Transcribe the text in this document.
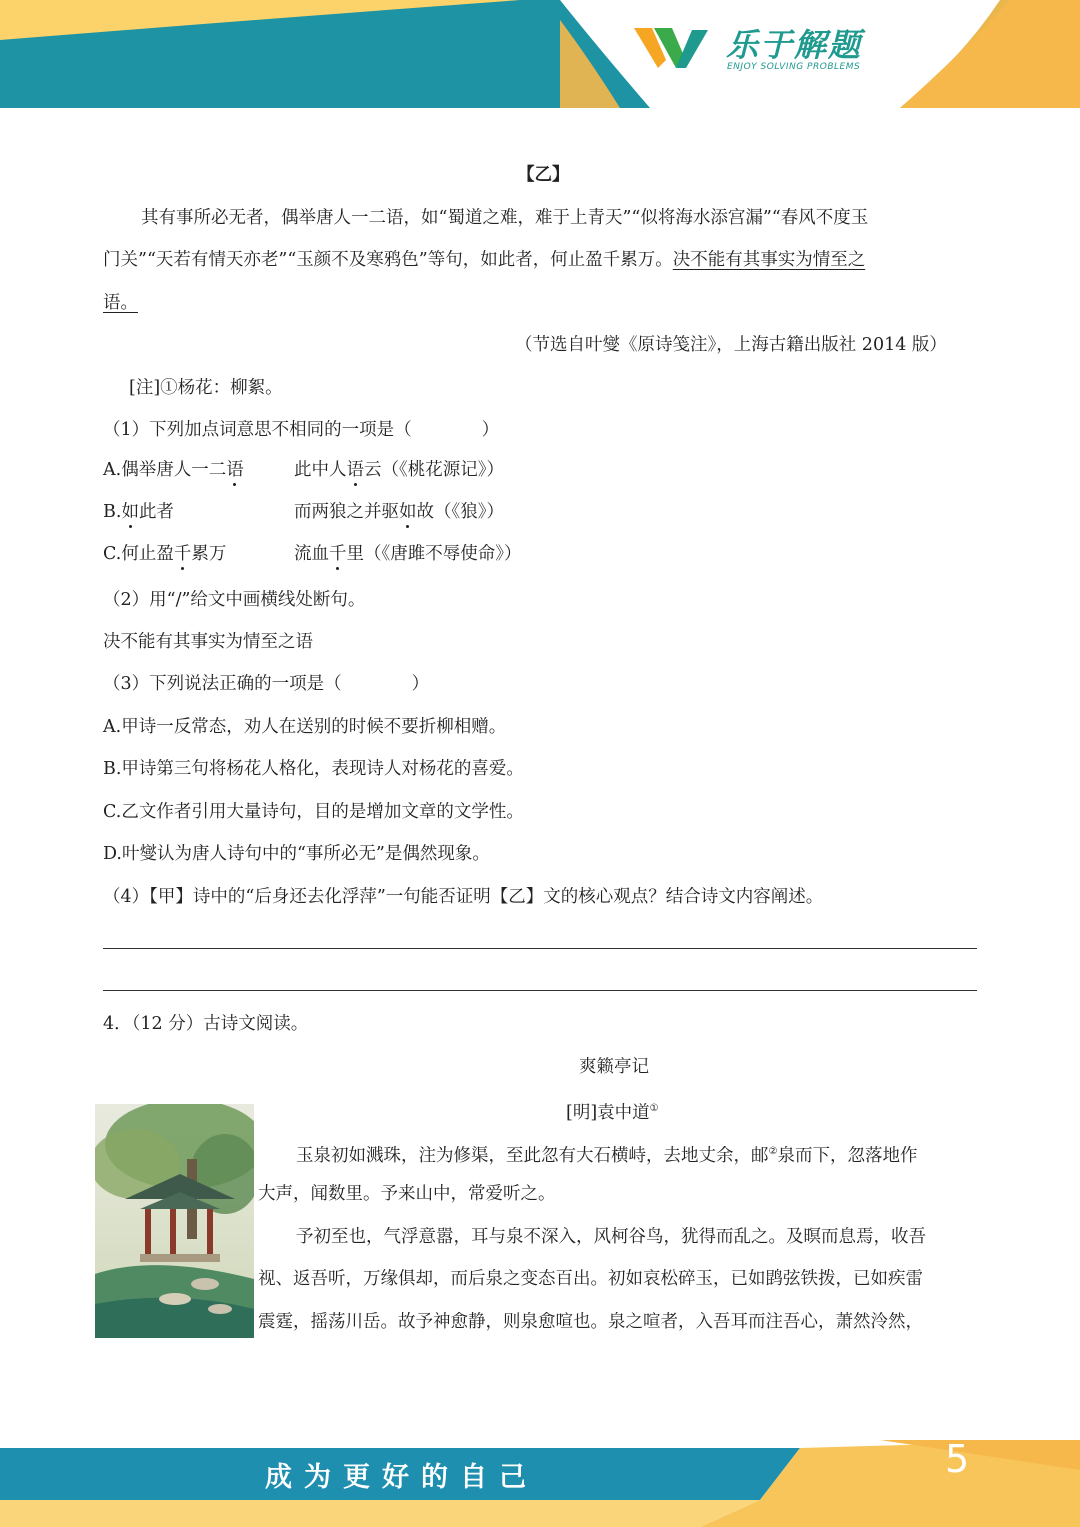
乐于解题
ENJOY SOLVING PROBLEMS
【乙】
其有事所必无者，偶举唐人一二语，如“蜀道之难，难于上青天”“似将海水添宫漏”“春风不度玉
门关”“天若有情天亦老”“玉颜不及寒鸦色”等句，如此者，何止盈千累万。决不能有其事实为情至之
语。
（节选自叶燮《原诗笺注》，上海古籍出版社 2014 版）
[注]①杨花：柳絮。
（1）下列加点词意思不相同的一项是（　　　　）
A.偶举唐人一二语	此中人语云（《桃花源记》）
B.如此者	而两狼之并驱如故（《狼》）
C.何止盈千累万	流血千里（《唐雎不辱使命》）
（2）用“/”给文中画横线处断句。
决不能有其事实为情至之语
（3）下列说法正确的一项是（　　　　）
A.甲诗一反常态，劝人在送别的时候不要折柳相赠。
B.甲诗第三句将杨花人格化，表现诗人对杨花的喜爱。
C.乙文作者引用大量诗句，目的是增加文章的文学性。
D.叶燮认为唐人诗句中的“事所必无”是偶然现象。
（4）【甲】诗中的“后身还去化浮萍”一句能否证明【乙】文的核心观点？结合诗文内容阐述。
4．（12 分）古诗文阅读。
爽籁亭记
[明]袁中道①
玉泉初如溅珠，注为修渠，至此忽有大石横峙，去地丈余，邮②泉而下，忽落地作
大声，闻数里。予来山中，常爱听之。
予初至也，气浮意嚣，耳与泉不深入，风柯谷鸟，犹得而乱之。及暝而息焉，收吾
视、返吾听，万缘俱却，而后泉之变态百出。初如哀松碎玉，已如鹍弦铁拨，已如疾雷
震霆，摇荡川岳。故予神愈静，则泉愈喧也。泉之喧者，入吾耳而注吾心，萧然泠然，
成为更好的自己	5
